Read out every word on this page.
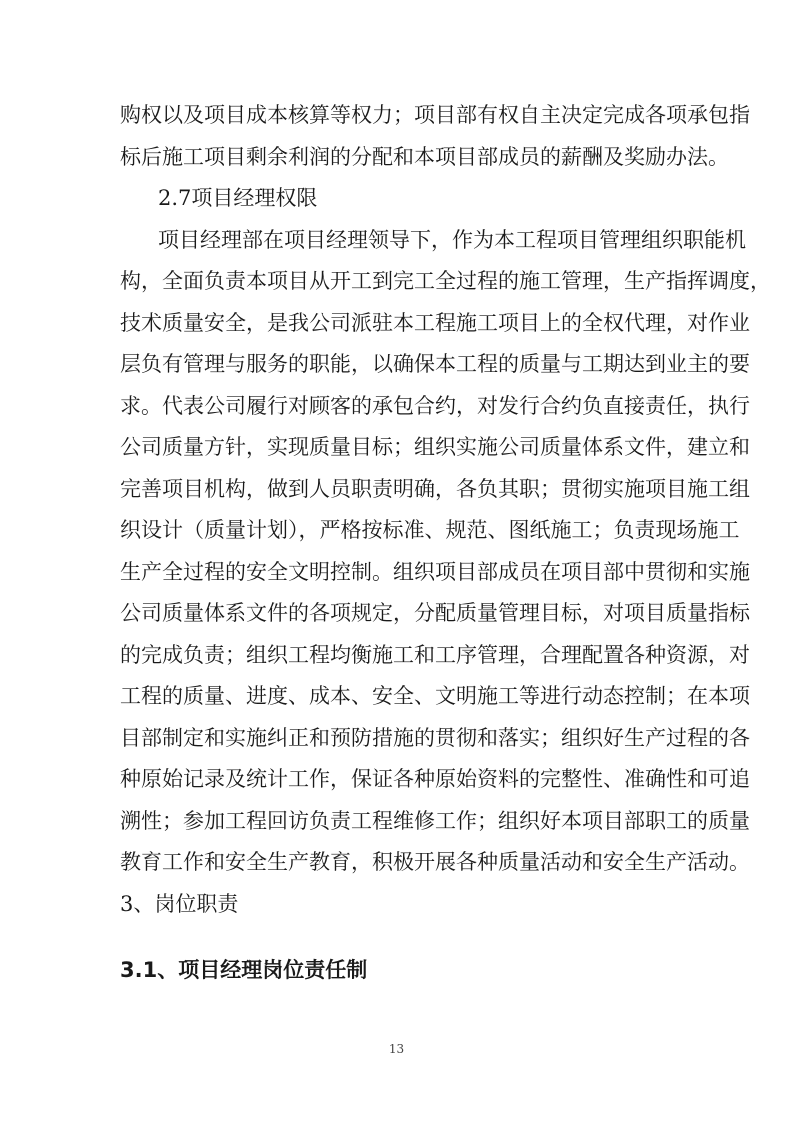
购权以及项目成本核算等权力；项目部有权自主决定完成各项承包指
标后施工项目剩余利润的分配和本项目部成员的薪酬及奖励办法。
2.7项目经理权限
项目经理部在项目经理领导下，作为本工程项目管理组织职能机
构，全面负责本项目从开工到完工全过程的施工管理，生产指挥调度，
技术质量安全，是我公司派驻本工程施工项目上的全权代理，对作业
层负有管理与服务的职能，以确保本工程的质量与工期达到业主的要
求。代表公司履行对顾客的承包合约，对发行合约负直接责任，执行
公司质量方针，实现质量目标；组织实施公司质量体系文件，建立和
完善项目机构，做到人员职责明确，各负其职；贯彻实施项目施工组
织设计（质量计划），严格按标准、规范、图纸施工；负责现场施工
生产全过程的安全文明控制。组织项目部成员在项目部中贯彻和实施
公司质量体系文件的各项规定，分配质量管理目标，对项目质量指标
的完成负责；组织工程均衡施工和工序管理，合理配置各种资源，对
工程的质量、进度、成本、安全、文明施工等进行动态控制；在本项
目部制定和实施纠正和预防措施的贯彻和落实；组织好生产过程的各
种原始记录及统计工作，保证各种原始资料的完整性、准确性和可追
溯性；参加工程回访负责工程维修工作；组织好本项目部职工的质量
教育工作和安全生产教育，积极开展各种质量活动和安全生产活动。
3、岗位职责
3.1、项目经理岗位责任制
13
